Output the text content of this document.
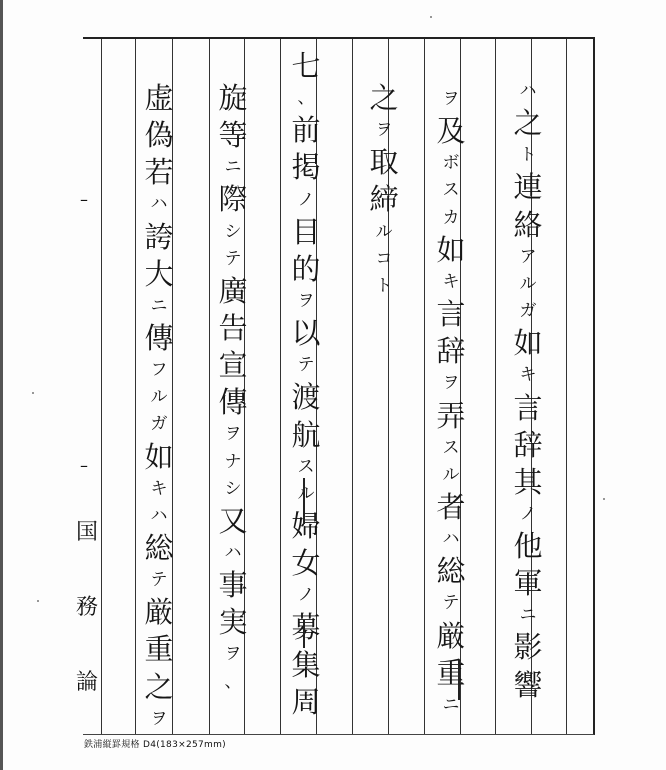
国
務
論
–
–
ハ
之
ト
連
絡
ア
ル
ガ
如
キ
言
辞
其
ノ
他
軍
ニ
影
響
ヲ
及
ボ
ス
カ
如
キ
言
辞
ヲ
弄
ス
ル
者
ハ
総
テ
厳
重
ニ
之
ヲ
取
締
ル
コ
ト
七
、
前
掲
ノ
目
的
ヲ
以
テ
渡
航
ス
ル
婦
女
ノ
募
集
周
旋
等
ニ
際
シ
テ
廣
告
宣
傳
ヲ
ナ
シ
又
ハ
事
実
ヲ
、
虚
偽
若
ハ
誇
大
ニ
傳
フ
ル
ガ
如
キ
ハ
総
テ
厳
重
之
ヲ
鉄浦縦罫規格 D4(183×257mm)
